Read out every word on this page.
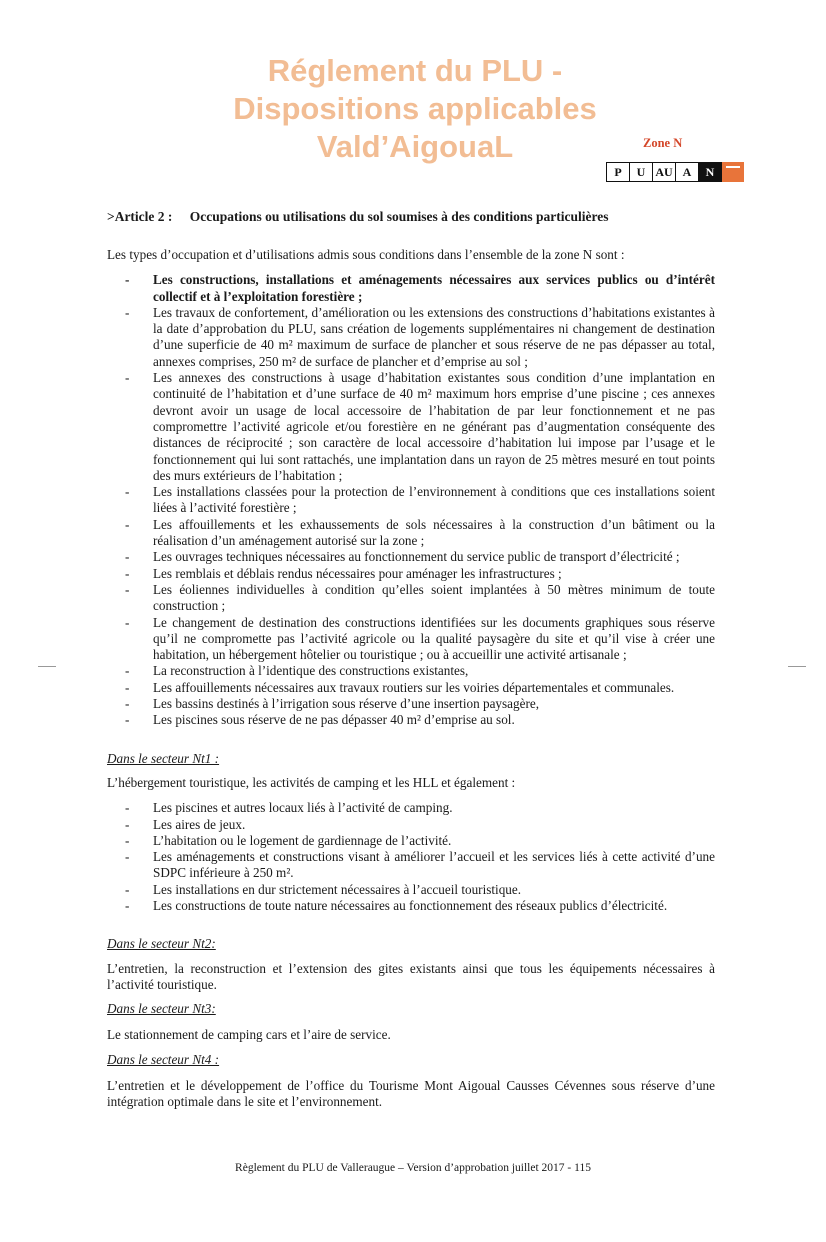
Réglement du PLU -
Dispositions applicables
Vald’AigouaL	Zone N
P	U AU A	N
>Article 2 : Occupations ou utilisations du sol soumises à des conditions particulières

Les types d’occupation et d’utilisations admis sous conditions dans l’ensemble de la zone N sont :

- Les constructions, installations et aménagements nécessaires aux services publics ou d’intérêt collectif et à l’exploitation forestière ;
- Les travaux de confortement, d’amélioration ou les extensions des constructions d’habitations existantes à la date d’approbation du PLU, sans création de logements supplémentaires ni changement de destination d’une superficie de 40 m² maximum de surface de plancher et sous réserve de ne pas dépasser au total, annexes comprises, 250 m² de surface de plancher et d’emprise au sol ;
- Les annexes des constructions à usage d’habitation existantes sous condition d’une implantation en continuité de l’habitation et d’une surface de 40 m² maximum hors emprise d’une piscine ; ces annexes devront avoir un usage de local accessoire de l’habitation de par leur fonctionnement et ne pas compromettre l’activité agricole et/ou forestière en ne générant pas d’augmentation conséquente des distances de réciprocité ; son caractère de local accessoire d’habitation lui impose par l’usage et le fonctionnement qui lui sont rattachés, une implantation dans un rayon de 25 mètres mesuré en tout points des murs extérieurs de l’habitation ;
- Les installations classées pour la protection de l’environnement à conditions que ces installations soient liées à l’activité forestière ;
- Les affouillements et les exhaussements de sols nécessaires à la construction d’un bâtiment ou la réalisation d’un aménagement autorisé sur la zone ;
- Les ouvrages techniques nécessaires au fonctionnement du service public de transport d’électricité ;
- Les remblais et déblais rendus nécessaires pour aménager les infrastructures ;
- Les éoliennes individuelles à condition qu’elles soient implantées à 50 mètres minimum de toute construction ;
- Le changement de destination des constructions identifiées sur les documents graphiques sous réserve qu’il ne compromette pas l’activité agricole ou la qualité paysagère du site et qu’il vise à créer une habitation, un hébergement hôtelier ou touristique ; ou à accueillir une activité artisanale ;
- La reconstruction à l’identique des constructions existantes,
- Les affouillements nécessaires aux travaux routiers sur les voiries départementales et communales.
- Les bassins destinés à l’irrigation sous réserve d’une insertion paysagère,
- Les piscines sous réserve de ne pas dépasser 40 m² d’emprise au sol.

Dans le secteur Nt1 :

L’hébergement touristique, les activités de camping et les HLL et également :

- Les piscines et autres locaux liés à l’activité de camping.
- Les aires de jeux.
- L’habitation ou le logement de gardiennage de l’activité.
- Les aménagements et constructions visant à améliorer l’accueil et les services liés à cette activité d’une SDPC inférieure à 250 m².
- Les installations en dur strictement nécessaires à l’accueil touristique.
- Les constructions de toute nature nécessaires au fonctionnement des réseaux publics d’électricité.

Dans le secteur Nt2:

L’entretien, la reconstruction et l’extension des gites existants ainsi que tous les équipements nécessaires à l’activité touristique.

Dans le secteur Nt3:

Le stationnement de camping cars et l’aire de service.

Dans le secteur Nt4 :

L’entretien et le développement de l’office du Tourisme Mont Aigoual Causses Cévennes sous réserve d’une intégration optimale dans le site et l’environnement.

Règlement du PLU de Valleraugue – Version d’approbation juillet 2017 - 115
